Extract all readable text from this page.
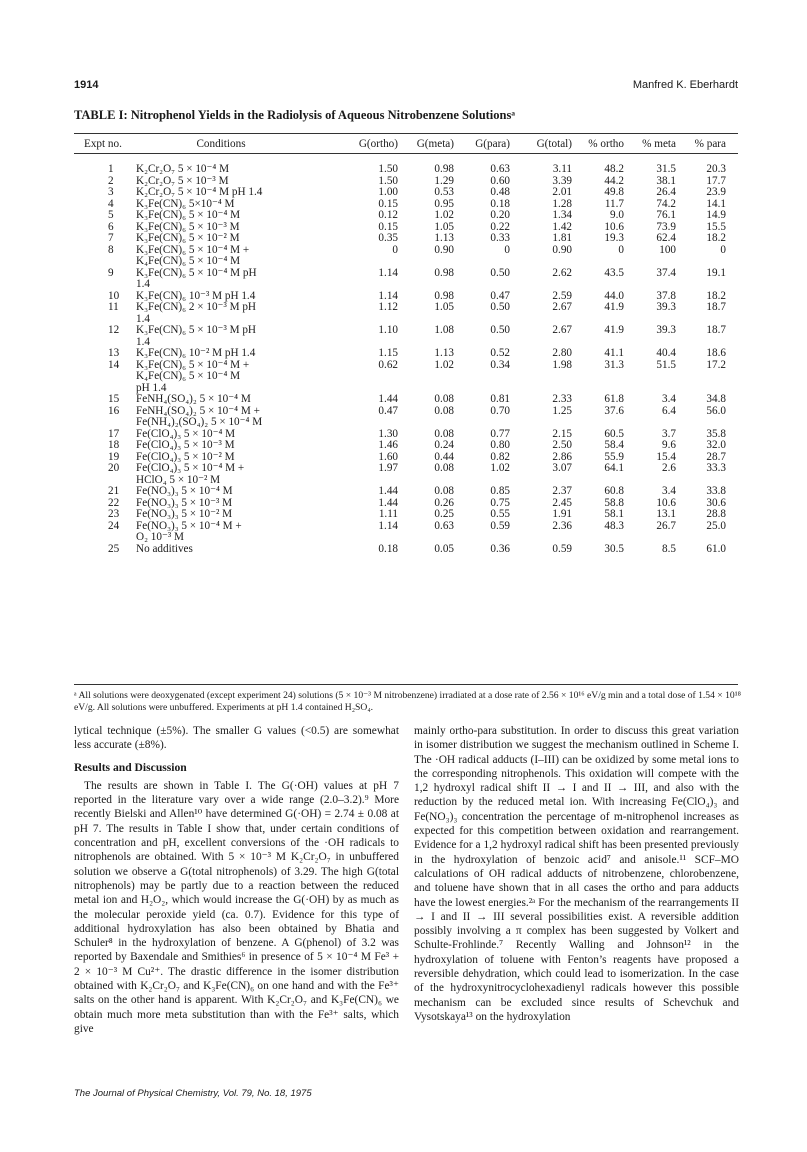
1914	Manfred K. Eberhardt
TABLE I: Nitrophenol Yields in the Radiolysis of Aqueous Nitrobenzene Solutionsᵃ
Expt no.	Conditions	G(ortho)	G(meta)	G(para)	G(total)	% ortho	% meta	% para
1	K₂Cr₂O₇ 5 × 10⁻⁴ M	1.50	0.98	0.63	3.11	48.2	31.5	20.3
2	K₂Cr₂O₇ 5 × 10⁻³ M	1.50	1.29	0.60	3.39	44.2	38.1	17.7
3	K₂Cr₂O₇ 5 × 10⁻⁴ M pH 1.4	1.00	0.53	0.48	2.01	49.8	26.4	23.9
4	K₃Fe(CN)₆ 5×10⁻⁴ M	0.15	0.95	0.18	1.28	11.7	74.2	14.1
5	K₃Fe(CN)₆ 5 × 10⁻⁴ M	0.12	1.02	0.20	1.34	9.0	76.1	14.9
6	K₃Fe(CN)₆ 5 × 10⁻³ M	0.15	1.05	0.22	1.42	10.6	73.9	15.5
7	K₃Fe(CN)₆ 5 × 10⁻² M	0.35	1.13	0.33	1.81	19.3	62.4	18.2
8	K₃Fe(CN)₆ 5 × 10⁻⁴ M +
K₄Fe(CN)₆ 5 × 10⁻⁴ M	0	0.90	0	0.90	0	100	0
9	K₃Fe(CN)₆ 5 × 10⁻⁴ M pH
1.4	1.14	0.98	0.50	2.62	43.5	37.4	19.1
10	K₃Fe(CN)₆ 10⁻³ M pH 1.4	1.14	0.98	0.47	2.59	44.0	37.8	18.2
11	K₃Fe(CN)₆ 2 × 10⁻³ M pH
1.4	1.12	1.05	0.50	2.67	41.9	39.3	18.7
12	K₃Fe(CN)₆ 5 × 10⁻³ M pH
1.4	1.10	1.08	0.50	2.67	41.9	39.3	18.7
13	K₃Fe(CN)₆ 10⁻² M pH 1.4	1.15	1.13	0.52	2.80	41.1	40.4	18.6
14	K₃Fe(CN)₆ 5 × 10⁻⁴ M +
K₄Fe(CN)₆ 5 × 10⁻⁴ M
pH 1.4	0.62	1.02	0.34	1.98	31.3	51.5	17.2
15	FeNH₄(SO₄)₂ 5 × 10⁻⁴ M	1.44	0.08	0.81	2.33	61.8	3.4	34.8
16	FeNH₄(SO₄)₂ 5 × 10⁻⁴ M +
Fe(NH₄)₂(SO₄)₂ 5 × 10⁻⁴ M	0.47	0.08	0.70	1.25	37.6	6.4	56.0
17	Fe(ClO₄)₃ 5 × 10⁻⁴ M	1.30	0.08	0.77	2.15	60.5	3.7	35.8
18	Fe(ClO₄)₃ 5 × 10⁻³ M	1.46	0.24	0.80	2.50	58.4	9.6	32.0
19	Fe(ClO₄)₃ 5 × 10⁻² M	1.60	0.44	0.82	2.86	55.9	15.4	28.7
20	Fe(ClO₄)₃ 5 × 10⁻⁴ M +
HClO₄ 5 × 10⁻² M	1.97	0.08	1.02	3.07	64.1	2.6	33.3
21	Fe(NO₃)₃ 5 × 10⁻⁴ M	1.44	0.08	0.85	2.37	60.8	3.4	33.8
22	Fe(NO₃)₃ 5 × 10⁻³ M	1.44	0.26	0.75	2.45	58.8	10.6	30.6
23	Fe(NO₃)₃ 5 × 10⁻² M	1.11	0.25	0.55	1.91	58.1	13.1	28.8
24	Fe(NO₃)₃ 5 × 10⁻⁴ M +
O₂ 10⁻³ M	1.14	0.63	0.59	2.36	48.3	26.7	25.0
25	No additives	0.18	0.05	0.36	0.59	30.5	8.5	61.0
ᵃ All solutions were deoxygenated (except experiment 24) solutions (5 × 10⁻³ M nitrobenzene) irradiated at a dose rate of 2.56 × 10¹⁶ eV/g min and a total dose of 1.54 × 10¹⁸ eV/g. All solutions were unbuffered. Experiments at pH 1.4 contained H₂SO₄.

lytical technique (±5%). The smaller G values (<0.5) are somewhat less accurate (±8%).

Results and Discussion

The results are shown in Table I. The G(·OH) values at pH 7 reported in the literature vary over a wide range (2.0–3.2).⁹ More recently Bielski and Allen¹⁰ have determined G(·OH) = 2.74 ± 0.08 at pH 7. The results in Table I show that, under certain conditions of concentration and pH, excellent conversions of the ·OH radicals to nitrophenols are obtained. With 5 × 10⁻³ M K₂Cr₂O₇ in unbuffered solution we observe a G(total nitrophenols) of 3.29. The high G(total nitrophenols) may be partly due to a reaction between the reduced metal ion and H₂O₂, which would increase the G(·OH) by as much as the molecular peroxide yield (ca. 0.7). Evidence for this type of additional hydroxylation has also been obtained by Bhatia and Schuler⁸ in the hydroxylation of benzene. A G(phenol) of 3.2 was reported by Baxendale and Smithies⁶ in presence of 5 × 10⁻⁴ M Fe³ + 2 × 10⁻³ M Cu²⁺. The drastic difference in the isomer distribution obtained with K₂Cr₂O₇ and K₃Fe(CN)₆ on one hand and with the Fe³⁺ salts on the other hand is apparent. With K₂Cr₂O₇ and K₃Fe(CN)₆ we obtain much more meta substitution than with the Fe³⁺ salts, which give

mainly ortho-para substitution. In order to discuss this great variation in isomer distribution we suggest the mechanism outlined in Scheme I. The ·OH radical adducts (I–III) can be oxidized by some metal ions to the corresponding nitrophenols. This oxidation will compete with the 1,2 hydroxyl radical shift II → I and II → III, and also with the reduction by the reduced metal ion. With increasing Fe(ClO₄)₃ and Fe(NO₃)₃ concentration the percentage of m-nitrophenol increases as expected for this competition between oxidation and rearrangement. Evidence for a 1,2 hydroxyl radical shift has been presented previously in the hydroxylation of benzoic acid⁷ and anisole.¹¹ SCF–MO calculations of OH radical adducts of nitrobenzene, chlorobenzene, and toluene have shown that in all cases the ortho and para adducts have the lowest energies.²ᵃ For the mechanism of the rearrangements II → I and II → III several possibilities exist. A reversible addition possibly involving a π complex has been suggested by Volkert and Schulte-Frohlinde.⁷ Recently Walling and Johnson¹² in the hydroxylation of toluene with Fenton’s reagents have proposed a reversible dehydration, which could lead to isomerization. In the case of the hydroxynitrocyclohexadienyl radicals however this possible mechanism can be excluded since results of Schevchuk and Vysotskaya¹³ on the hydroxylation

The Journal of Physical Chemistry, Vol. 79, No. 18, 1975
